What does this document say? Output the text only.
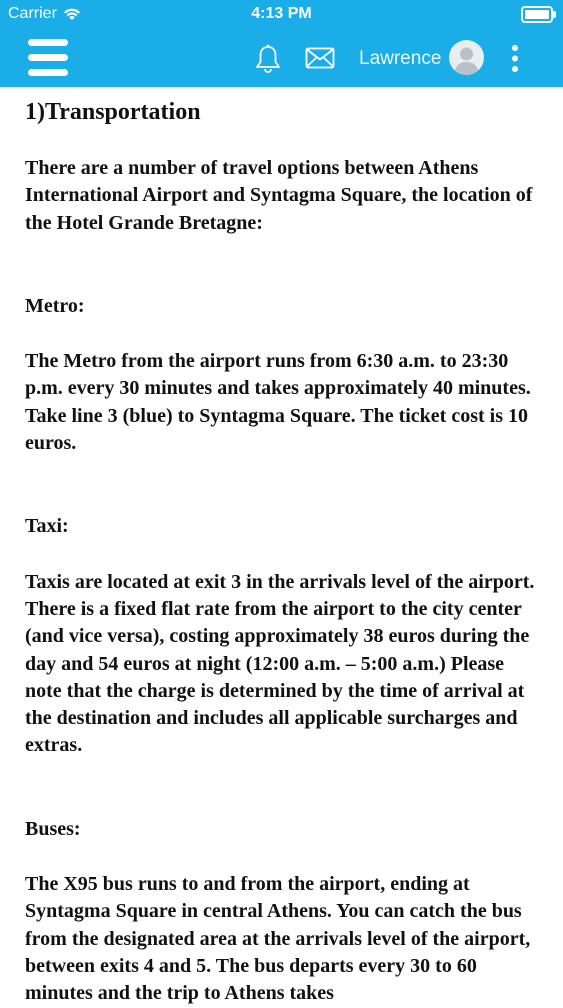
Carrier	4:13 PM
Lawrence
1)Transportation

There are a number of travel options between Athens International Airport and Syntagma Square, the location of the Hotel Grande Bretagne:

Metro:

The Metro from the airport runs from 6:30 a.m. to 23:30 p.m. every 30 minutes and takes approximately 40 minutes. Take line 3 (blue) to Syntagma Square. The ticket cost is 10 euros.

Taxi:

Taxis are located at exit 3 in the arrivals level of the airport. There is a fixed flat rate from the airport to the city center (and vice versa), costing approximately 38 euros during the day and 54 euros at night (12:00 a.m. – 5:00 a.m.) Please note that the charge is determined by the time of arrival at the destination and includes all applicable surcharges and extras.

Buses:

The X95 bus runs to and from the airport, ending at Syntagma Square in central Athens. You can catch the bus from the designated area at the arrivals level of the airport, between exits 4 and 5. The bus departs every 30 to 60 minutes and the trip to Athens takes
